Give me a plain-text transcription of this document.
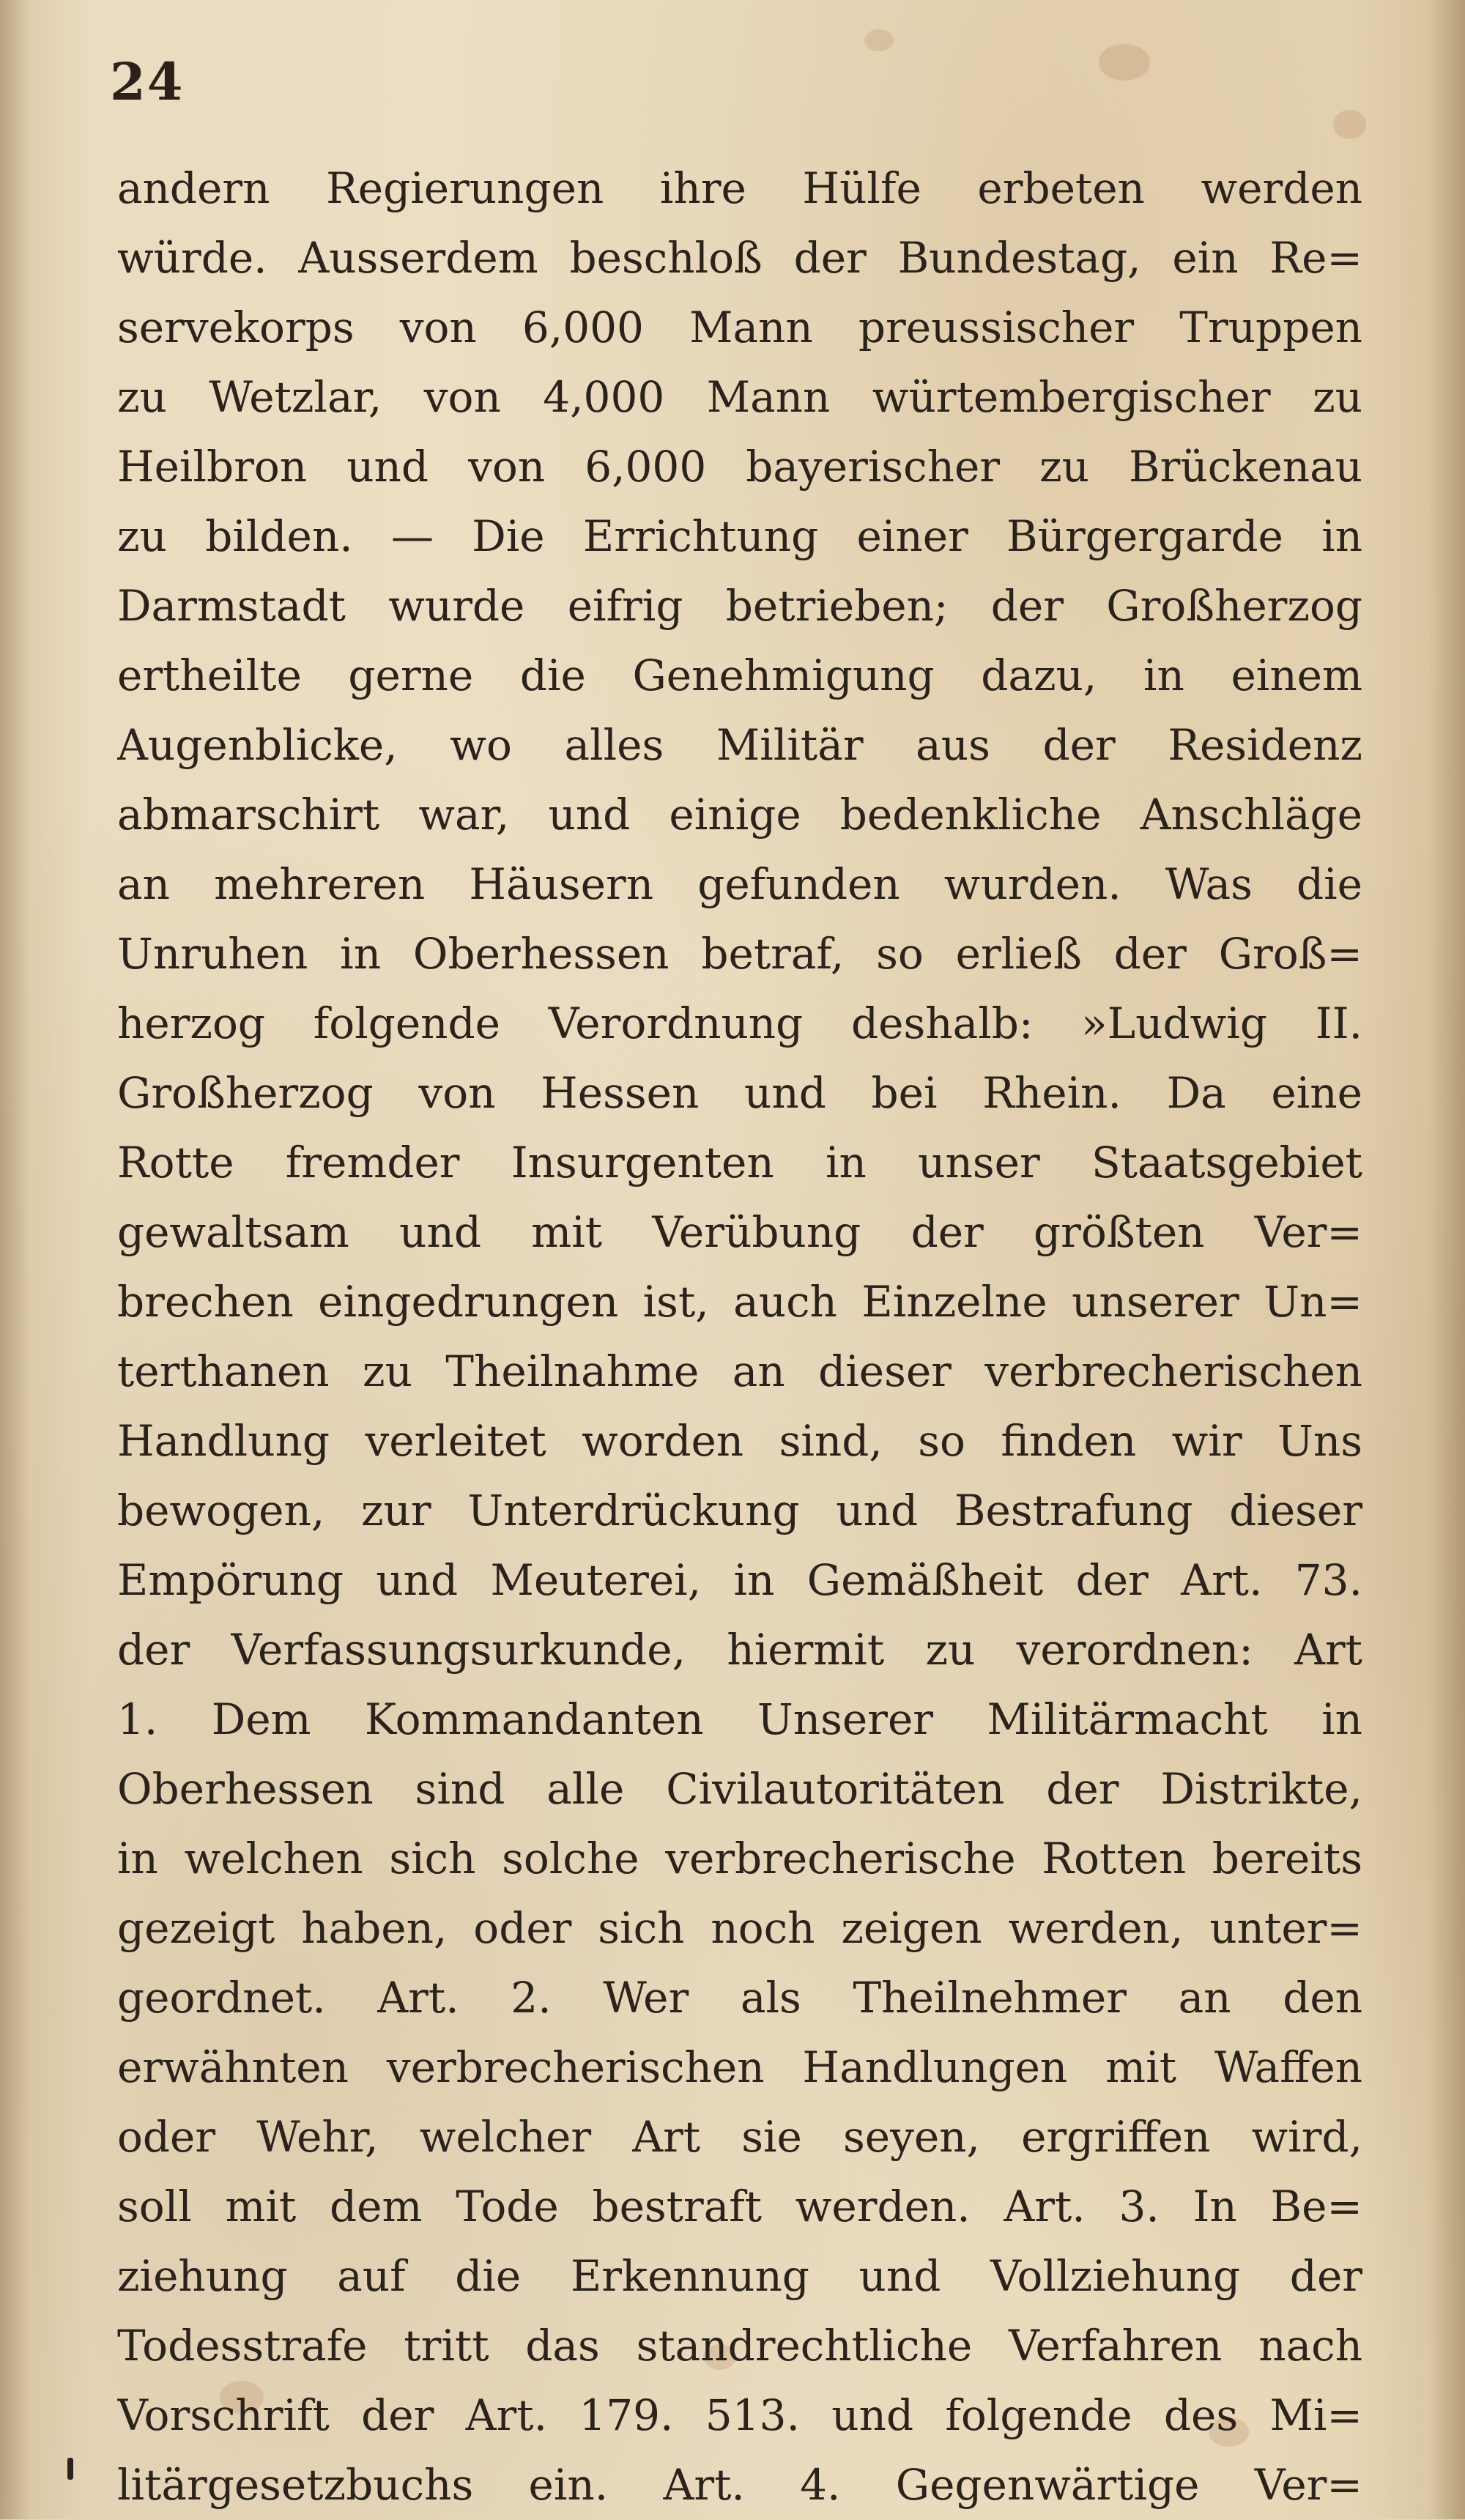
24
andern Regierungen ihre Hülfe erbeten werden
würde. Ausserdem beschloß der Bundestag, ein Re=
servekorps von 6,000 Mann preussischer Truppen
zu Wetzlar, von 4,000 Mann würtembergischer zu
Heilbron und von 6,000 bayerischer zu Brückenau
zu bilden. — Die Errichtung einer Bürgergarde in
Darmstadt wurde eifrig betrieben; der Großherzog
ertheilte gerne die Genehmigung dazu, in einem
Augenblicke, wo alles Militär aus der Residenz
abmarschirt war, und einige bedenkliche Anschläge
an mehreren Häusern gefunden wurden. Was die
Unruhen in Oberhessen betraf, so erließ der Groß=
herzog folgende Verordnung deshalb: »Ludwig II.
Großherzog von Hessen und bei Rhein. Da eine
Rotte fremder Insurgenten in unser Staatsgebiet
gewaltsam und mit Verübung der größten Ver=
brechen eingedrungen ist, auch Einzelne unserer Un=
terthanen zu Theilnahme an dieser verbrecherischen
Handlung verleitet worden sind, so finden wir Uns
bewogen, zur Unterdrückung und Bestrafung dieser
Empörung und Meuterei, in Gemäßheit der Art. 73.
der Verfassungsurkunde, hiermit zu verordnen: Art
1. Dem Kommandanten Unserer Militärmacht in
Oberhessen sind alle Civilautoritäten der Distrikte,
in welchen sich solche verbrecherische Rotten bereits
gezeigt haben, oder sich noch zeigen werden, unter=
geordnet. Art. 2. Wer als Theilnehmer an den
erwähnten verbrecherischen Handlungen mit Waffen
oder Wehr, welcher Art sie seyen, ergriffen wird,
soll mit dem Tode bestraft werden. Art. 3. In Be=
ziehung auf die Erkennung und Vollziehung der
Todesstrafe tritt das standrechtliche Verfahren nach
Vorschrift der Art. 179. 513. und folgende des Mi=
litärgesetzbuchs ein. Art. 4. Gegenwärtige Ver=
